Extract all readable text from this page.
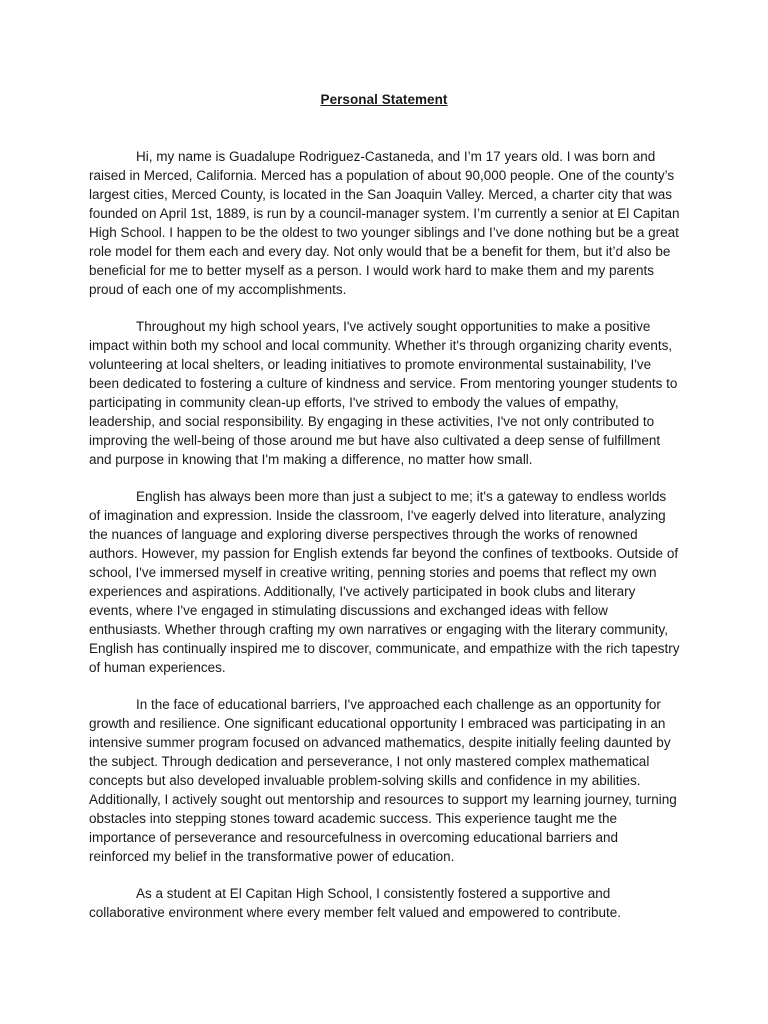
Personal Statement

Hi, my name is Guadalupe Rodriguez-Castaneda, and I’m 17 years old. I was born and raised in Merced, California. Merced has a population of about 90,000 people. One of the county’s largest cities, Merced County, is located in the San Joaquin Valley. Merced, a charter city that was founded on April 1st, 1889, is run by a council-manager system. I’m currently a senior at El Capitan High School. I happen to be the oldest to two younger siblings and I’ve done nothing but be a great role model for them each and every day. Not only would that be a benefit for them, but it’d also be beneficial for me to better myself as a person. I would work hard to make them and my parents proud of each one of my accomplishments.

Throughout my high school years, I've actively sought opportunities to make a positive impact within both my school and local community. Whether it's through organizing charity events, volunteering at local shelters, or leading initiatives to promote environmental sustainability, I've been dedicated to fostering a culture of kindness and service. From mentoring younger students to participating in community clean-up efforts, I've strived to embody the values of empathy, leadership, and social responsibility. By engaging in these activities, I've not only contributed to improving the well-being of those around me but have also cultivated a deep sense of fulfillment and purpose in knowing that I'm making a difference, no matter how small.

English has always been more than just a subject to me; it's a gateway to endless worlds of imagination and expression. Inside the classroom, I've eagerly delved into literature, analyzing the nuances of language and exploring diverse perspectives through the works of renowned authors. However, my passion for English extends far beyond the confines of textbooks. Outside of school, I've immersed myself in creative writing, penning stories and poems that reflect my own experiences and aspirations. Additionally, I've actively participated in book clubs and literary events, where I've engaged in stimulating discussions and exchanged ideas with fellow enthusiasts. Whether through crafting my own narratives or engaging with the literary community, English has continually inspired me to discover, communicate, and empathize with the rich tapestry of human experiences.

In the face of educational barriers, I've approached each challenge as an opportunity for growth and resilience. One significant educational opportunity I embraced was participating in an intensive summer program focused on advanced mathematics, despite initially feeling daunted by the subject. Through dedication and perseverance, I not only mastered complex mathematical concepts but also developed invaluable problem-solving skills and confidence in my abilities. Additionally, I actively sought out mentorship and resources to support my learning journey, turning obstacles into stepping stones toward academic success. This experience taught me the importance of perseverance and resourcefulness in overcoming educational barriers and reinforced my belief in the transformative power of education.

As a student at El Capitan High School, I consistently fostered a supportive and collaborative environment where every member felt valued and empowered to contribute.
